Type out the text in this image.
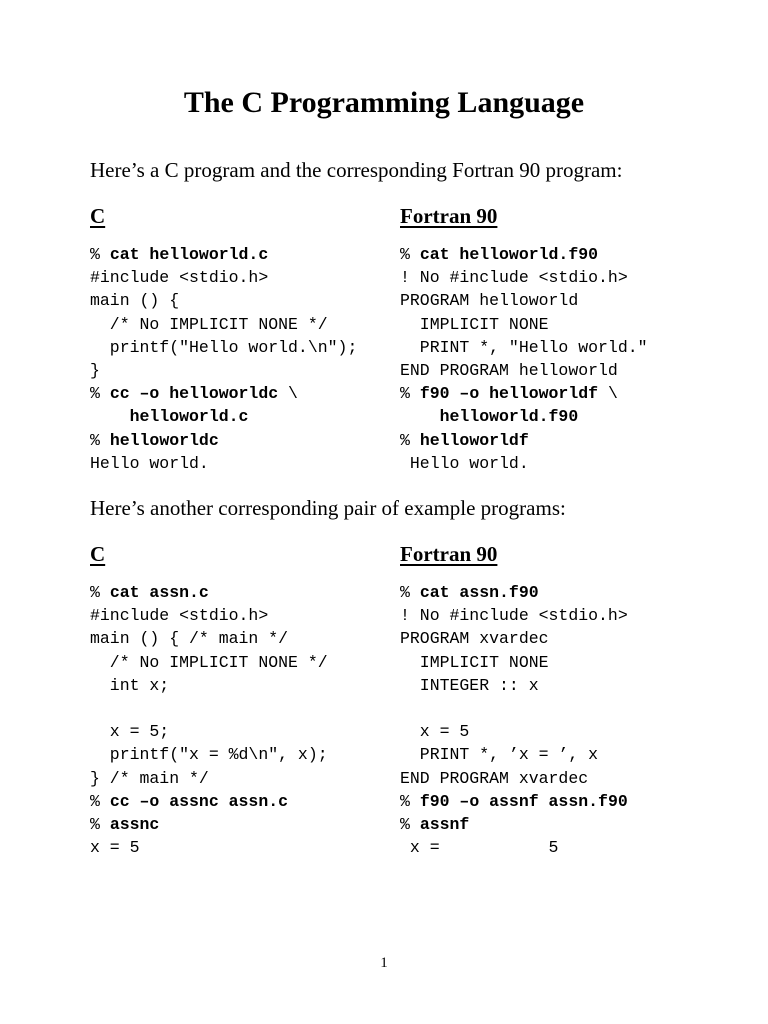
The C Programming Language
Here’s a C program and the corresponding Fortran 90 program:
C	Fortran 90
% cat helloworld.c
#include <stdio.h>
main () {
/* No IMPLICIT NONE */
printf("Hello world.\n");
}
% cc –o helloworldc \
helloworld.c
% helloworldc
Hello world.
% cat helloworld.f90
! No #include <stdio.h>
PROGRAM helloworld
IMPLICIT NONE
PRINT *, "Hello world."
END PROGRAM helloworld
% f90 –o helloworldf \
helloworld.f90
% helloworldf
Hello world.
Here’s another corresponding pair of example programs:
C	Fortran 90
% cat assn.c
#include <stdio.h>
main () { /* main */
/* No IMPLICIT NONE */
int x;
x = 5;
printf("x = %d\n", x);
} /* main */
% cc –o assnc assn.c
% assnc
x = 5
% cat assn.f90
! No #include <stdio.h>
PROGRAM xvardec
IMPLICIT NONE
INTEGER :: x
x = 5
PRINT *, ’x = ’, x
END PROGRAM xvardec
% f90 –o assnf assn.f90
% assnf
x =           5
1
